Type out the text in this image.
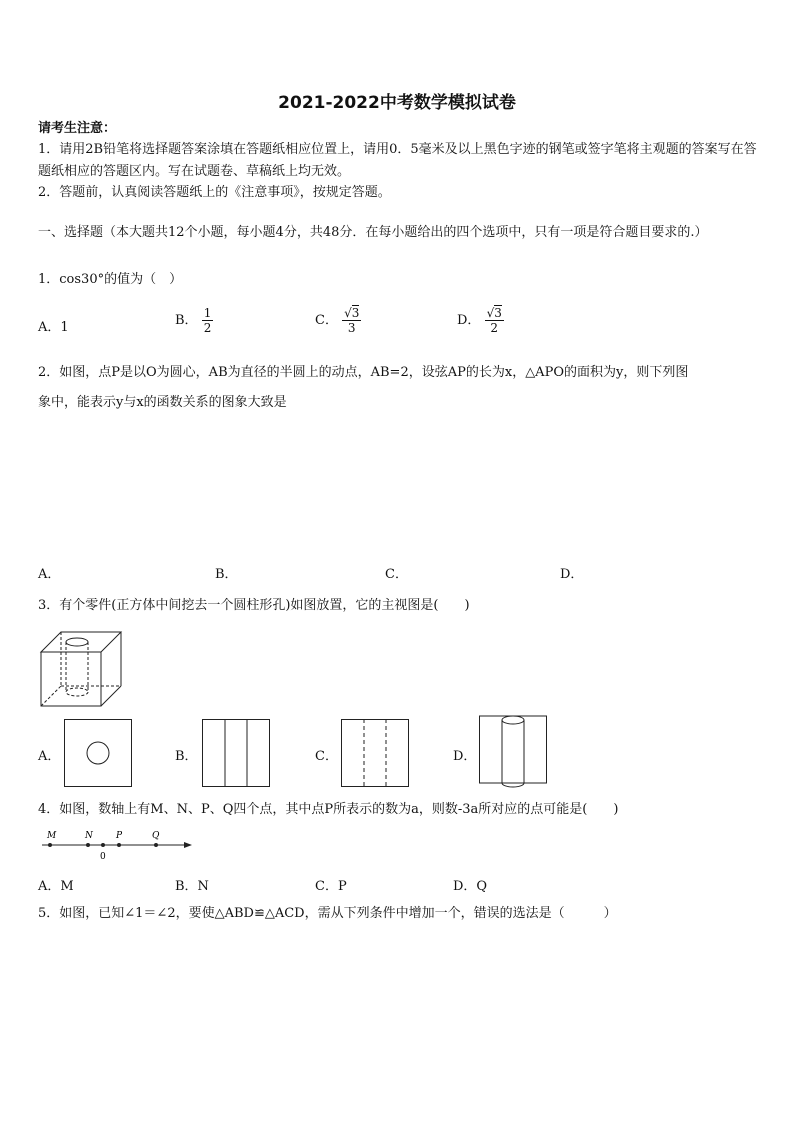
2021-2022中考数学模拟试卷
请考生注意：
1．请用2B铅笔将选择题答案涂填在答题纸相应位置上，请用0．5毫米及以上黑色字迹的钢笔或签字笔将主观题的答案写在答题纸相应的答题区内。写在试题卷、草稿纸上均无效。
2．答题前，认真阅读答题纸上的《注意事项》，按规定答题。
一、选择题（本大题共12个小题，每小题4分，共48分．在每小题给出的四个选项中，只有一项是符合题目要求的.）
1．cos30°的值为（　）
A．1	B． $\frac{1}{2}$	C． $\frac{√3}{3}$	D． $\frac{√3}{2}$
2．如图，点P是以O为圆心，AB为直径的半圆上的动点，AB=2，设弦AP的长为x，△APO的面积为y，则下列图
象中，能表示y与x的函数关系的图象大致是
A．	B．	C．	D．
3．有个零件(正方体中间挖去一个圆柱形孔)如图放置，它的主视图是(　　)
A．	B．	C．	D．
4．如图，数轴上有M、N、P、Q四个点，其中点P所表示的数为a，则数-3a所对应的点可能是(　　)
M	N	P	Q
0
A．M	B．N	C．P	D．Q
5．如图，已知∠1＝∠2，要使△ABD≌△ACD，需从下列条件中增加一个，错误的选法是（　　　）
